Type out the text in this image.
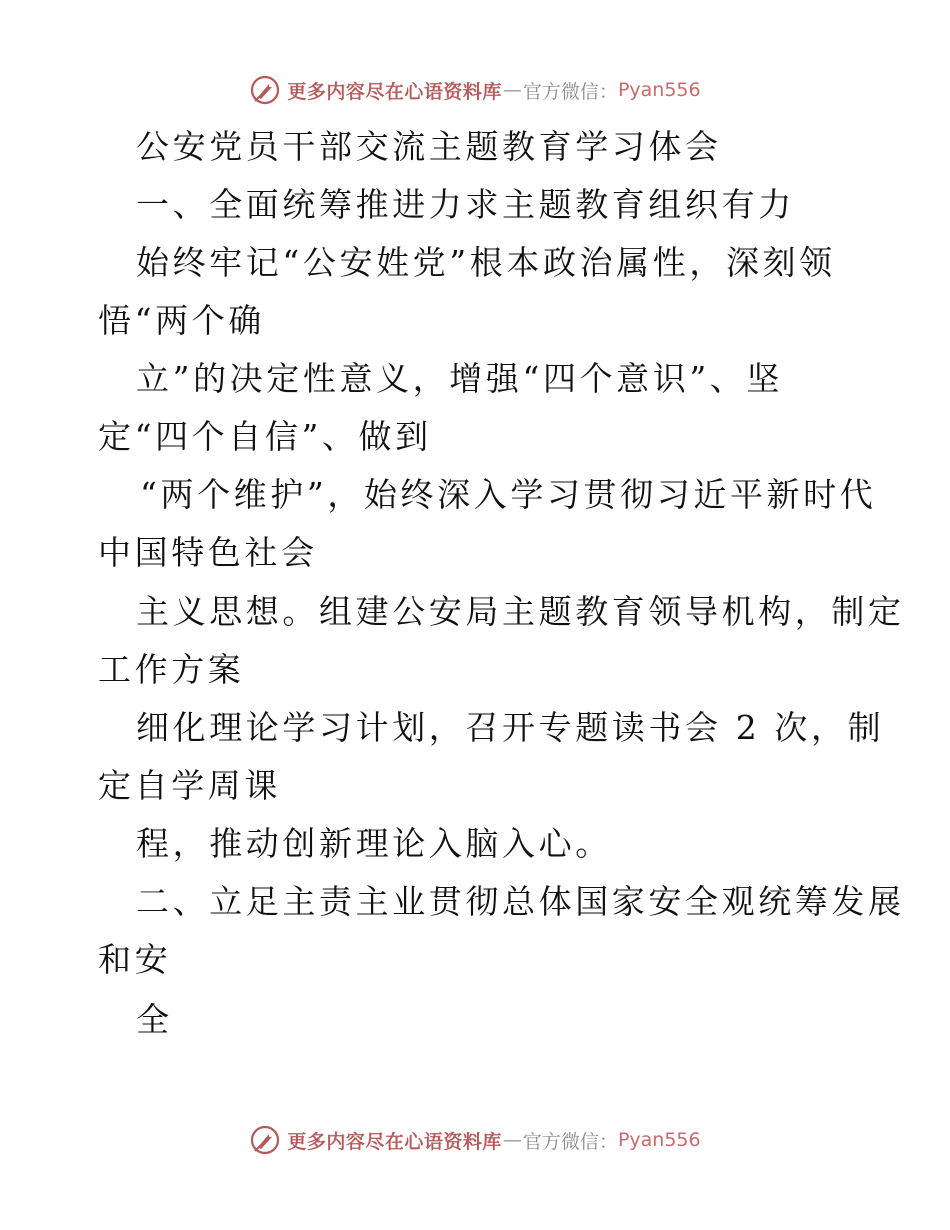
更多内容尽在心语资料库 — 官方微信： Pyan556
公安党员干部交流主题教育学习体会
一、全面统筹推进力求主题教育组织有力
始终牢记“公安姓党”根本政治属性，深刻领
悟“两个确
立”的决定性意义，增强“四个意识”、坚
定“四个自信”、做到
“两个维护”，始终深入学习贯彻习近平新时代
中国特色社会
主义思想。组建公安局主题教育领导机构，制定
工作方案
细化理论学习计划，召开专题读书会 2 次，制
定自学周课
程，推动创新理论入脑入心。
二、立足主责主业贯彻总体国家安全观统筹发展
和安
全
更多内容尽在心语资料库 — 官方微信： Pyan556
